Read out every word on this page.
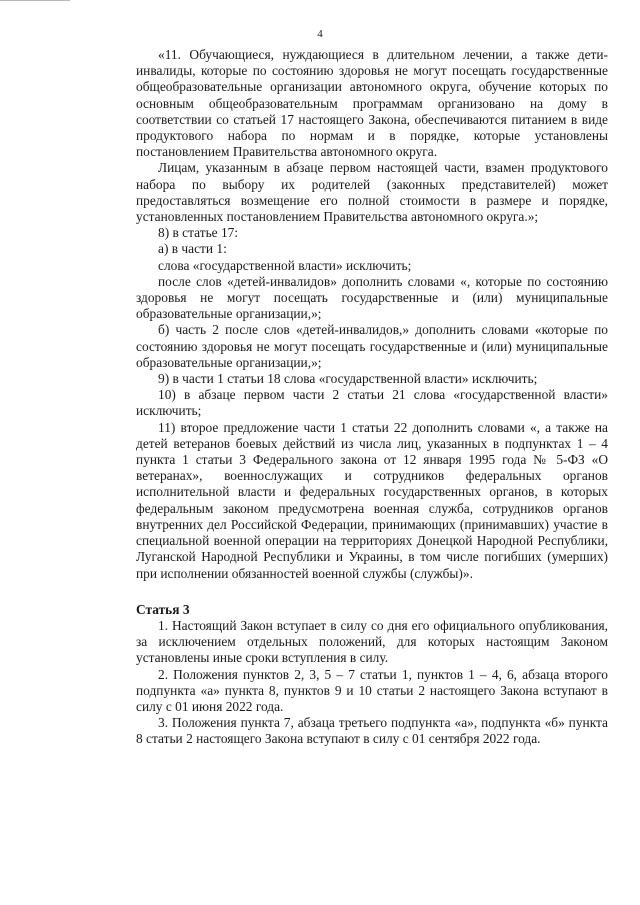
4

«11. Обучающиеся, нуждающиеся в длительном лечении, а также дети-инвалиды, которые по состоянию здоровья не могут посещать государственные общеобразовательные организации автономного округа, обучение которых по основным общеобразовательным программам организовано на дому в соответствии со статьей 17 настоящего Закона, обеспечиваются питанием в виде продуктового набора по нормам и в порядке, которые установлены постановлением Правительства автономного округа.

Лицам, указанным в абзаце первом настоящей части, взамен продуктового набора по выбору их родителей (законных представителей) может предоставляться возмещение его полной стоимости в размере и порядке, установленных постановлением Правительства автономного округа.»;

8) в статье 17:

а) в части 1:

слова «государственной власти» исключить;

после слов «детей-инвалидов» дополнить словами «, которые по состоянию здоровья не могут посещать государственные и (или) муниципальные образовательные организации,»;

б) часть 2 после слов «детей-инвалидов,» дополнить словами «которые по состоянию здоровья не могут посещать государственные и (или) муниципальные образовательные организации,»;

9) в части 1 статьи 18 слова «государственной власти» исключить;

10) в абзаце первом части 2 статьи 21 слова «государственной власти» исключить;

11) второе предложение части 1 статьи 22 дополнить словами «, а также на детей ветеранов боевых действий из числа лиц, указанных в подпунктах 1 – 4 пункта 1 статьи 3 Федерального закона от 12 января 1995 года № 5-ФЗ «О ветеранах», военнослужащих и сотрудников федеральных органов исполнительной власти и федеральных государственных органов, в которых федеральным законом предусмотрена военная служба, сотрудников органов внутренних дел Российской Федерации, принимающих (принимавших) участие в специальной военной операции на территориях Донецкой Народной Республики, Луганской Народной Республики и Украины, в том числе погибших (умерших) при исполнении обязанностей военной службы (службы)».

Статья 3

1. Настоящий Закон вступает в силу со дня его официального опубликования, за исключением отдельных положений, для которых настоящим Законом установлены иные сроки вступления в силу.

2. Положения пунктов 2, 3, 5 – 7 статьи 1, пунктов 1 – 4, 6, абзаца второго подпункта «а» пункта 8, пунктов 9 и 10 статьи 2 настоящего Закона вступают в силу с 01 июня 2022 года.

3. Положения пункта 7, абзаца третьего подпункта «а», подпункта «б» пункта 8 статьи 2 настоящего Закона вступают в силу с 01 сентября 2022 года.
